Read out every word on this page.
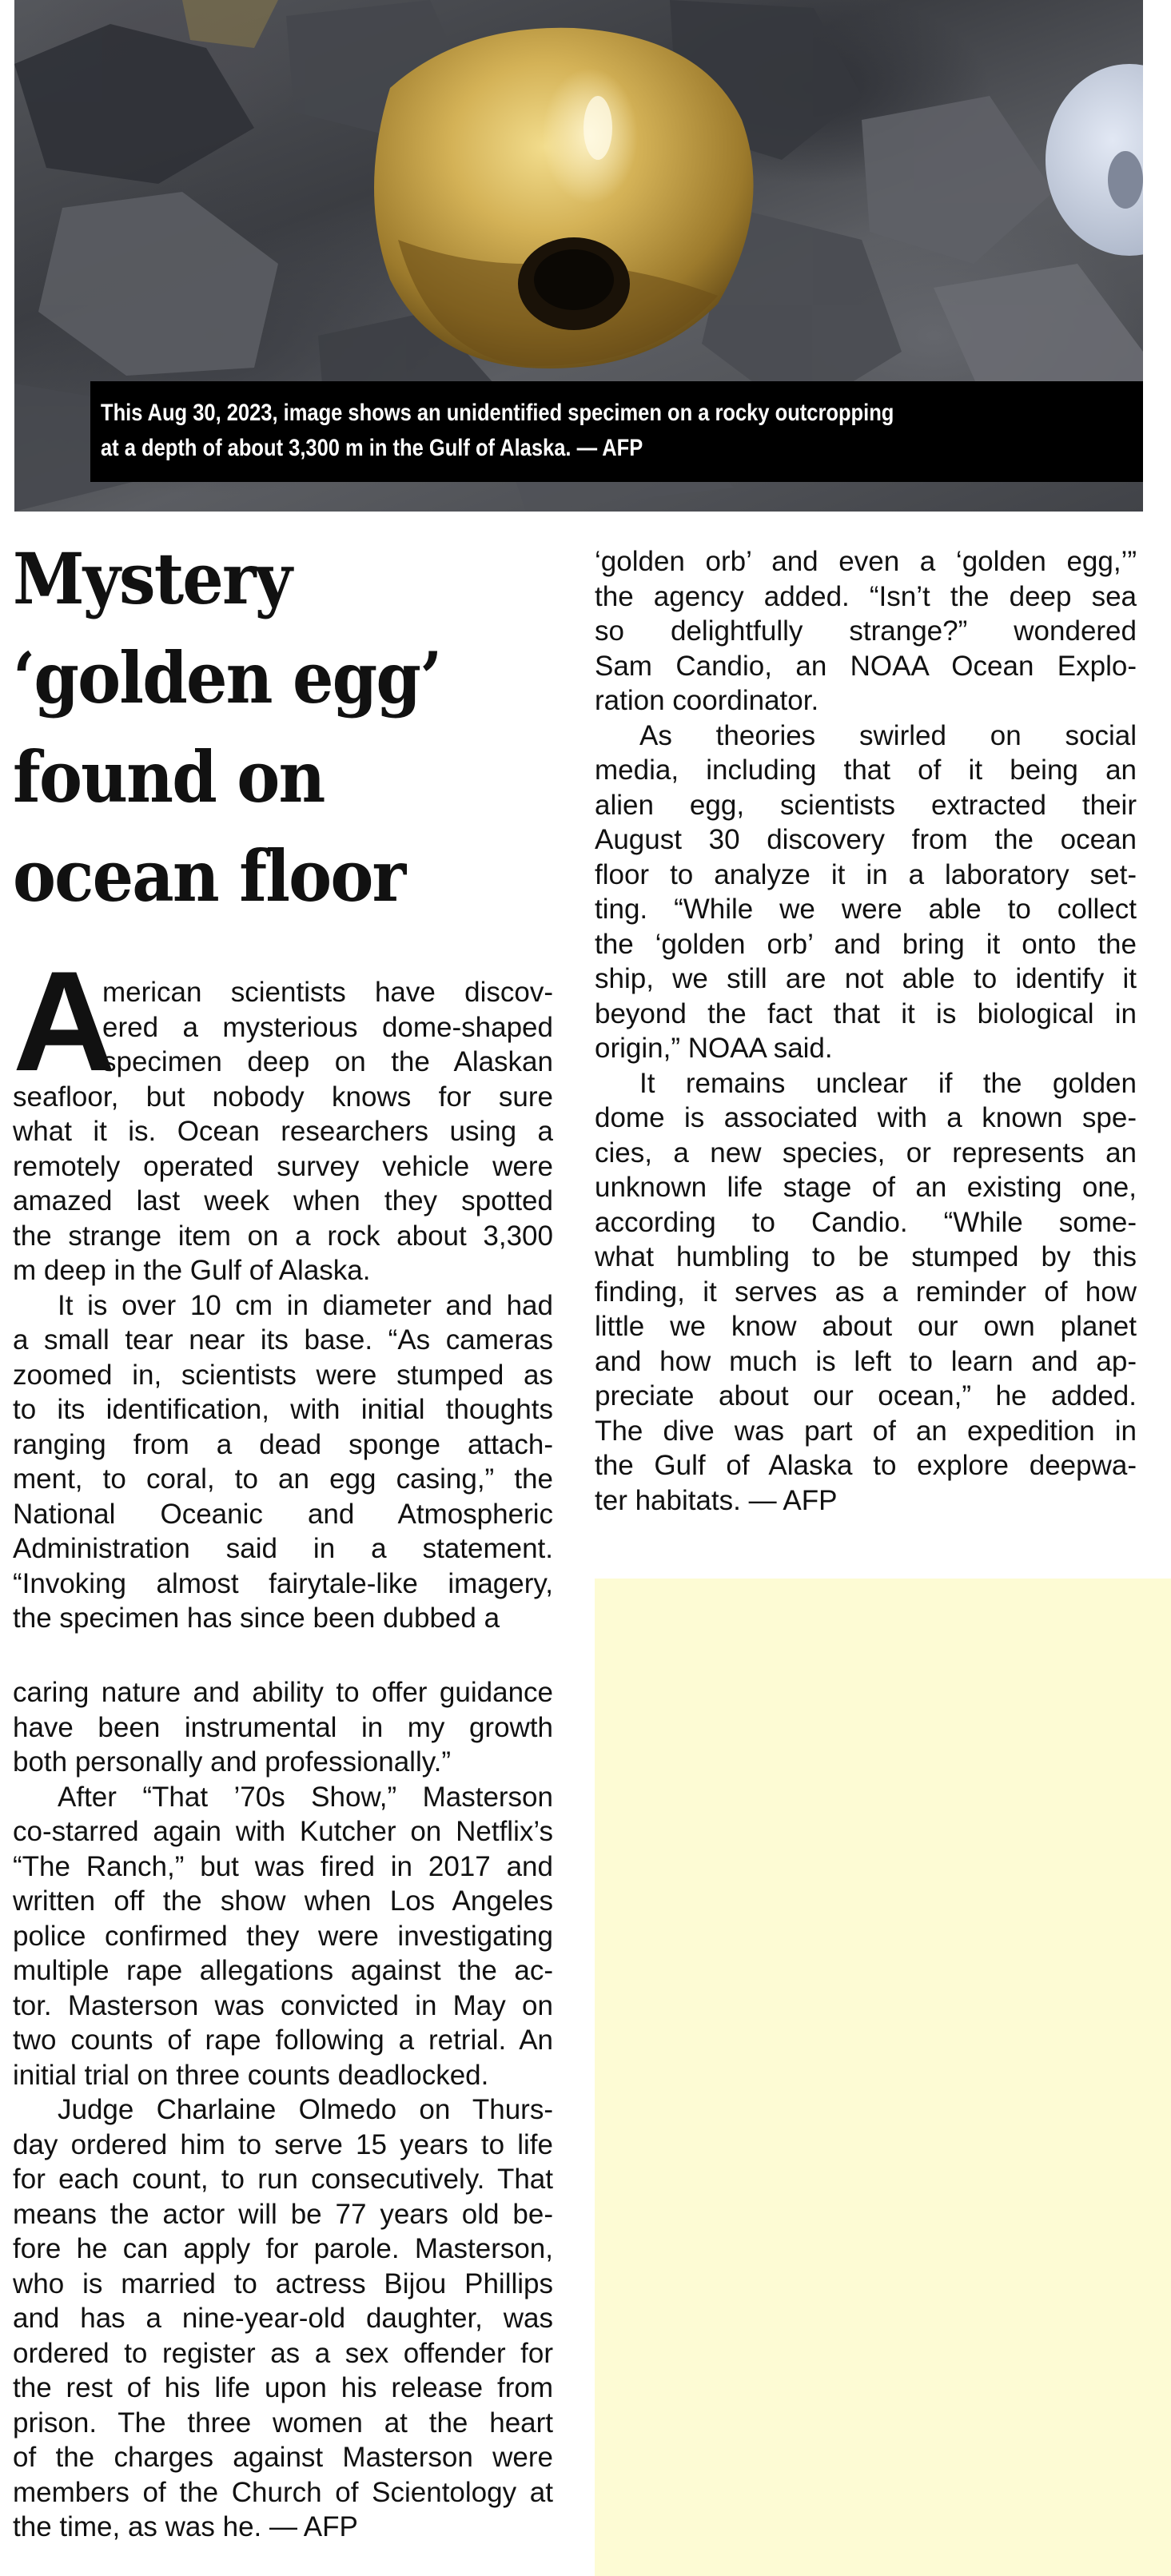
This Aug 30, 2023, image shows an unidentified specimen on a rocky outcropping

at a depth of about 3,300 m in the Gulf of Alaska. — AFP

Mystery
‘golden egg’
found on
ocean floor
A
merican scientists have discov-
ered a mysterious dome-shaped
specimen deep on the Alaskan
seafloor, but nobody knows for sure
what it is. Ocean researchers using a
remotely operated survey vehicle were
amazed last week when they spotted
the strange item on a rock about 3,300
m deep in the Gulf of Alaska.
It is over 10 cm in diameter and had
a small tear near its base. “As cameras
zoomed in, scientists were stumped as
to its identification, with initial thoughts
ranging from a dead sponge attach-
ment, to coral, to an egg casing,” the
National Oceanic and Atmospheric
Administration said in a statement.
“Invoking almost fairytale-like imagery,
the specimen has since been dubbed a
‘golden orb’ and even a ‘golden egg,’”
the agency added. “Isn’t the deep sea
so delightfully strange?” wondered
Sam Candio, an NOAA Ocean Explo-
ration coordinator.
As theories swirled on social
media, including that of it being an
alien egg, scientists extracted their
August 30 discovery from the ocean
floor to analyze it in a laboratory set-
ting. “While we were able to collect
the ‘golden orb’ and bring it onto the
ship, we still are not able to identify it
beyond the fact that it is biological in
origin,” NOAA said.
It remains unclear if the golden
dome is associated with a known spe-
cies, a new species, or represents an
unknown life stage of an existing one,
according to Candio. “While some-
what humbling to be stumped by this
finding, it serves as a reminder of how
little we know about our own planet
and how much is left to learn and ap-
preciate about our ocean,” he added.
The dive was part of an expedition in
the Gulf of Alaska to explore deepwa-
ter habitats. — AFP
caring nature and ability to offer guidance
have been instrumental in my growth
both personally and professionally.”
After “That ’70s Show,” Masterson
co-starred again with Kutcher on Netflix’s
“The Ranch,” but was fired in 2017 and
written off the show when Los Angeles
police confirmed they were investigating
multiple rape allegations against the ac-
tor. Masterson was convicted in May on
two counts of rape following a retrial. An
initial trial on three counts deadlocked.
Judge Charlaine Olmedo on Thurs-
day ordered him to serve 15 years to life
for each count, to run consecutively. That
means the actor will be 77 years old be-
fore he can apply for parole. Masterson,
who is married to actress Bijou Phillips
and has a nine-year-old daughter, was
ordered to register as a sex offender for
the rest of his life upon his release from
prison. The three women at the heart
of the charges against Masterson were
members of the Church of Scientology at
the time, as was he. — AFP
